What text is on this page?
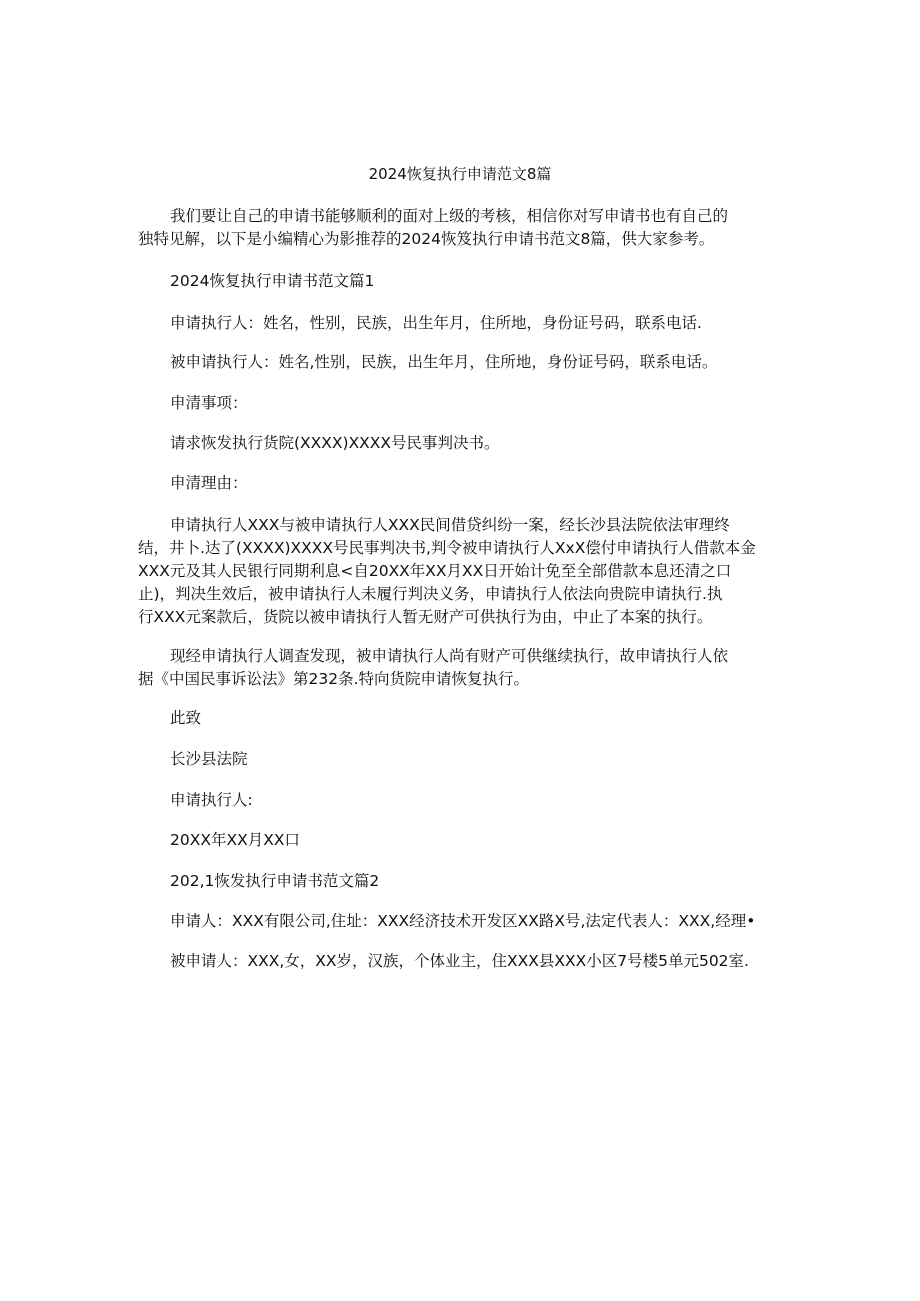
2024恢复执行申请范文8篇
我们要让自己的申请书能够顺利的面对上级的考核，相信你对写申请书也有自己的
独特见解，以下是小编精心为影推荐的2024恢笈执行申请书范文8篇，供大家参考。
2024恢复执行申请书范文篇1
申请执行人：姓名，性别，民族，出生年月，住所地，身份证号码，联系电话.
被申请执行人：姓名,性别，民族，出生年月，住所地，身份证号码，联系电话。
申清事项：
请求恢发执行货院(XXXX)XXXX号民事判决书。
申清理由：
申请执行人XXX与被申请执行人XXX民间借贷纠纷一案，经长沙县法院依法审理终
结，井卜.达了(XXXX)XXXX号民事判决书,判令被申请执行人XxX偿付申请执行人借款本金
XXX元及其人民银行同期利息<自20XX年XX月XX日开始计免至全部借款本息还清之口
止)，判决生效后，被申请执行人未履行判决义务，申请执行人依法向贵院申请执行.执
行XXX元案款后，货院以被申请执行人暂无财产可供执行为由，中止了本案的执行。
现经申请执行人调查发现，被申请执行人尚有财产可供继续执行，故申请执行人依
据《中国民事诉讼法》第232条.特向货院申请恢复执行。
此致
长沙县法院
申请执行人:
20XX年XX月XX口
202,1恢发执行申请书范文篇2
申请人：XXX有限公司,住址：XXX经济技术开发区XX路X号,法定代表人：XXX,经理•
被申请人：XXX,女，XX岁，汉族，个体业主，住XXX县XXX小区7号楼5单元502室.
